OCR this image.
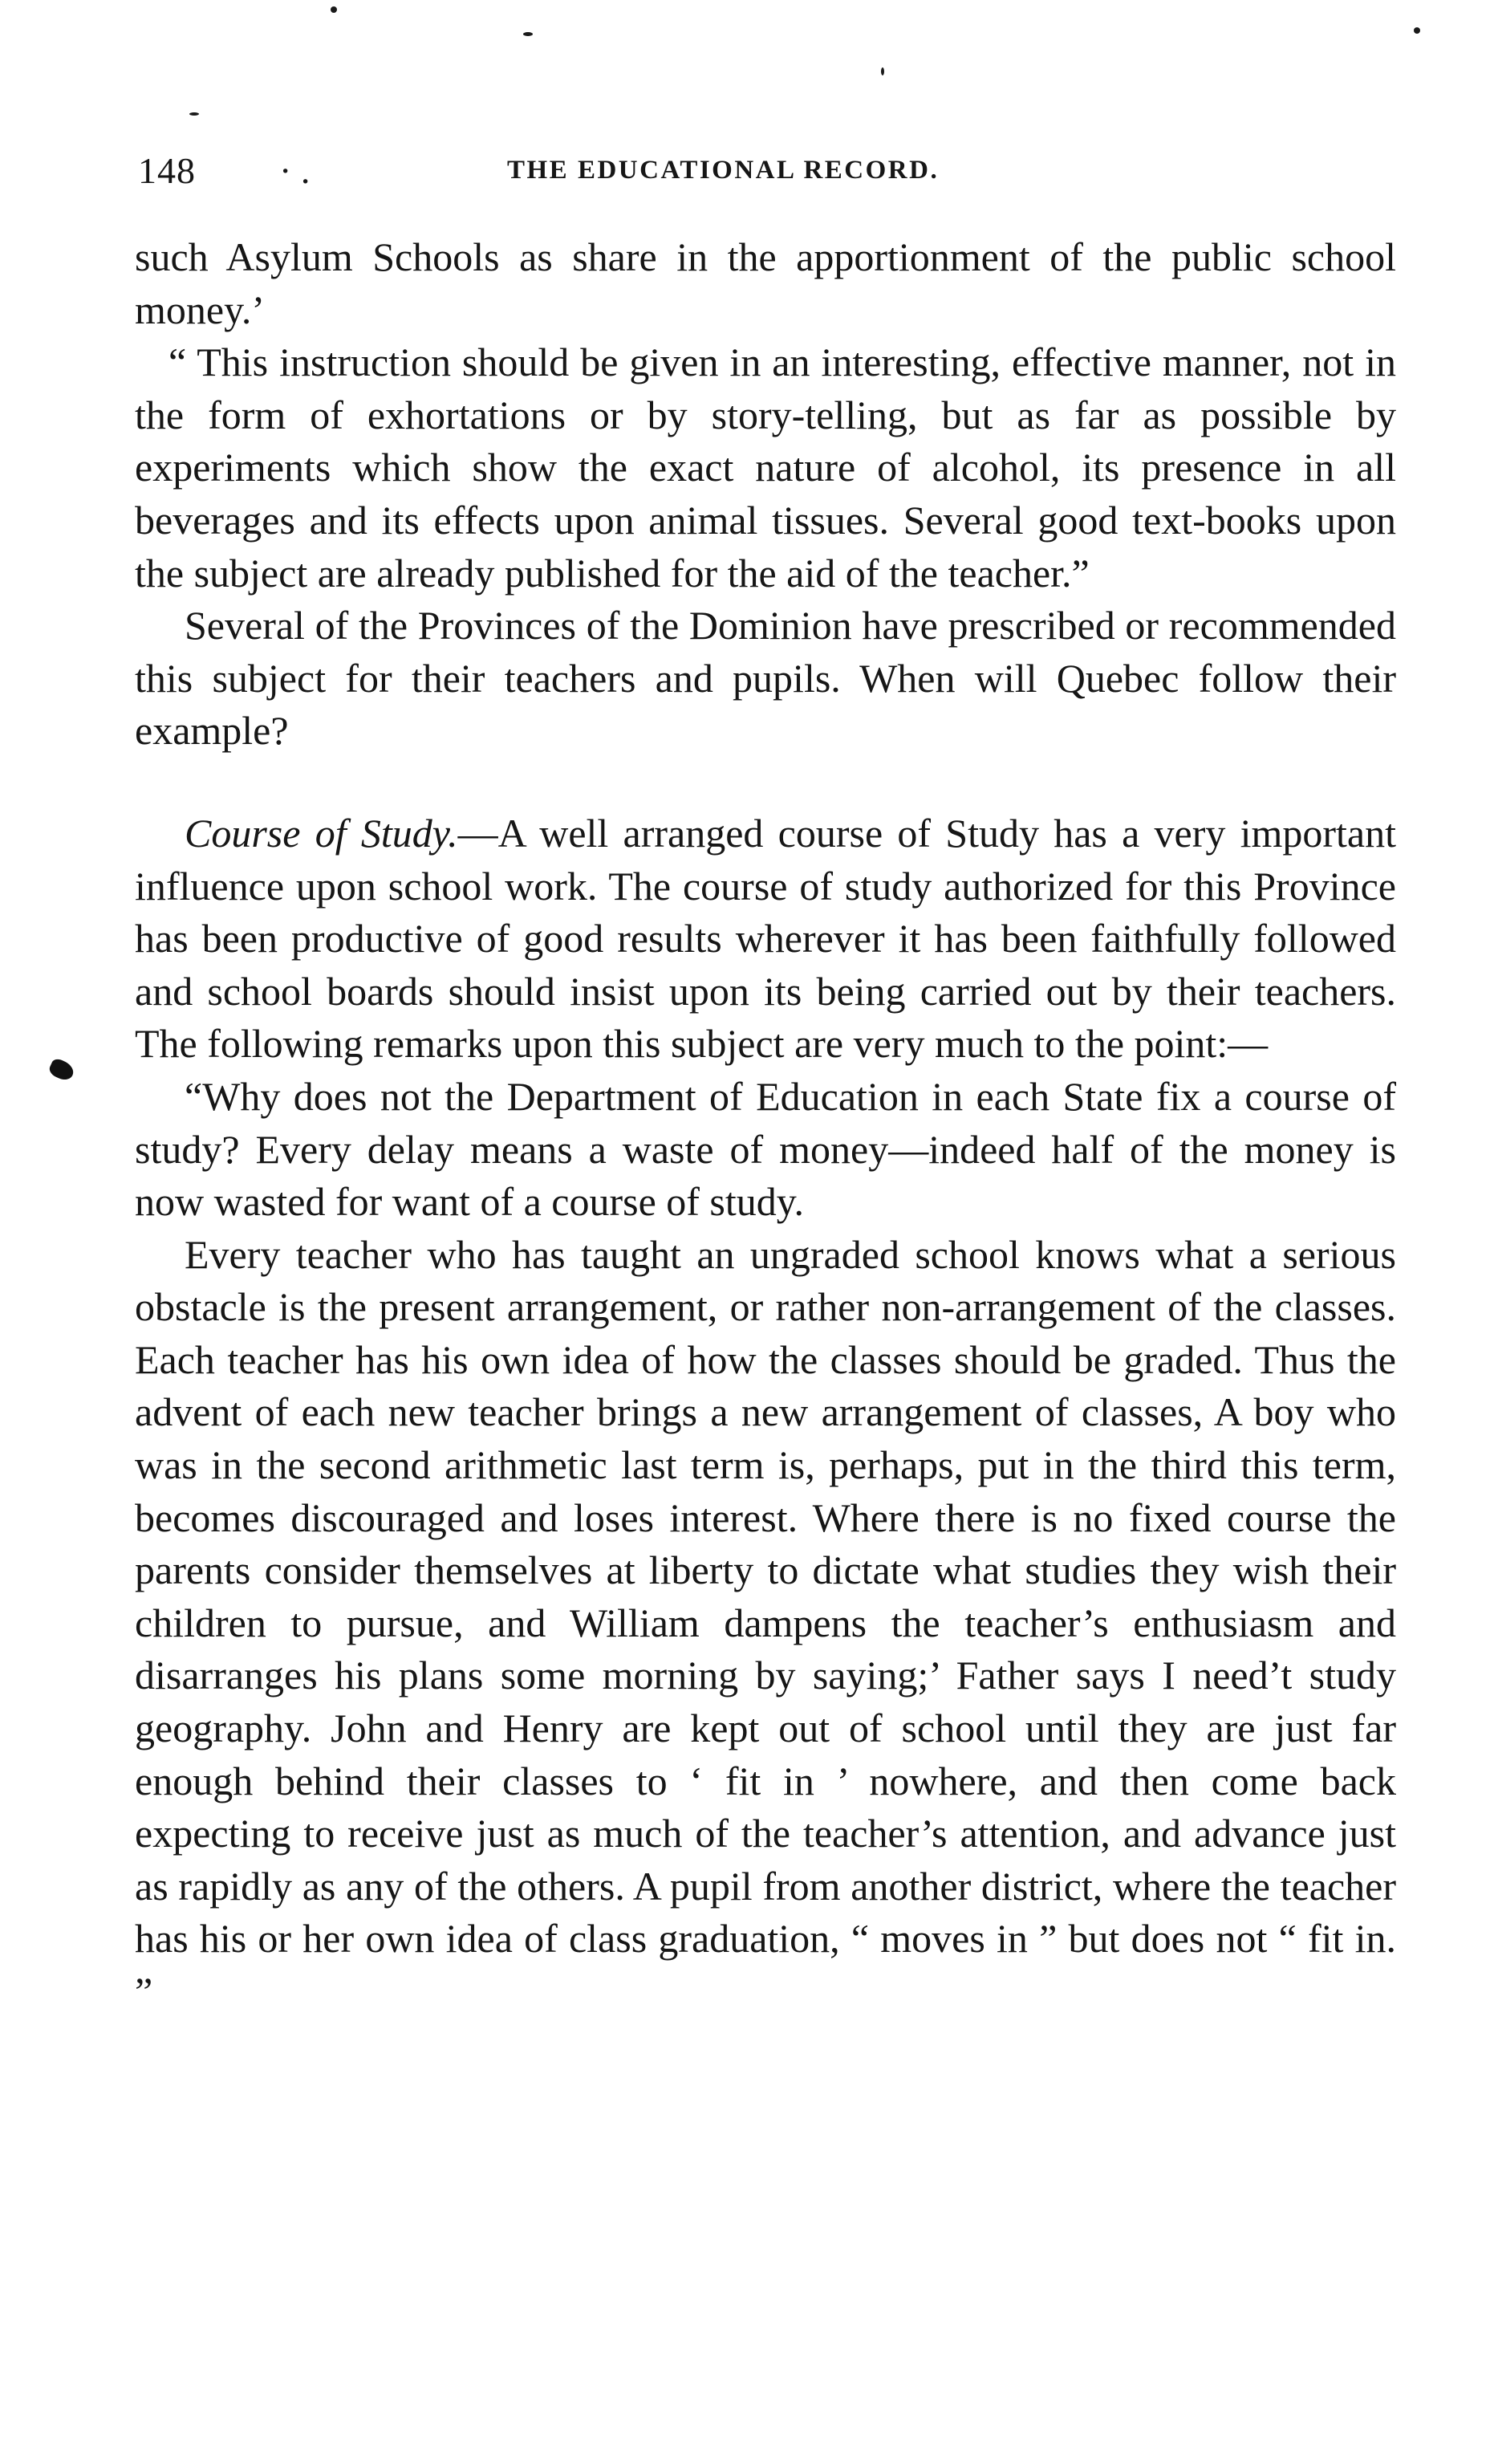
148 · .	THE EDUCATIONAL RECORD.

such Asylum Schools as share in the apportionment of the public school money.’

“ This instruction should be given in an interesting, effective manner, not in the form of exhortations or by story-telling, but as far as possible by experiments which show the exact nature of alcohol, its presence in all beverages and its effects upon animal tissues. Several good text-books upon the subject are already published for the aid of the teacher.”

Several of the Provinces of the Dominion have prescribed or recommended this subject for their teachers and pupils. When will Quebec follow their example?

Course of Study.—A well arranged course of Study has a very important influence upon school work. The course of study authorized for this Province has been productive of good results wherever it has been faithfully followed and school boards should insist upon its being carried out by their teachers. The following remarks upon this subject are very much to the point:—

“Why does not the Department of Education in each State fix a course of study? Every delay means a waste of money—indeed half of the money is now wasted for want of a course of study.

Every teacher who has taught an ungraded school knows what a serious obstacle is the present arrangement, or rather non-arrangement of the classes. Each teacher has his own idea of how the classes should be graded. Thus the advent of each new teacher brings a new arrangement of classes, A boy who was in the second arithmetic last term is, perhaps, put in the third this term, becomes discouraged and loses interest. Where there is no fixed course the parents consider themselves at liberty to dictate what studies they wish their children to pursue, and William dampens the teacher’s enthusiasm and disarranges his plans some morning by saying;’ Father says I need’t study geography. John and Henry are kept out of school until they are just far enough behind their classes to ‘ fit in ’ nowhere, and then come back expecting to receive just as much of the teacher’s attention, and advance just as rapidly as any of the others. A pupil from another district, where the teacher has his or her own idea of class graduation, “ moves in ” but does not “ fit in. ”
